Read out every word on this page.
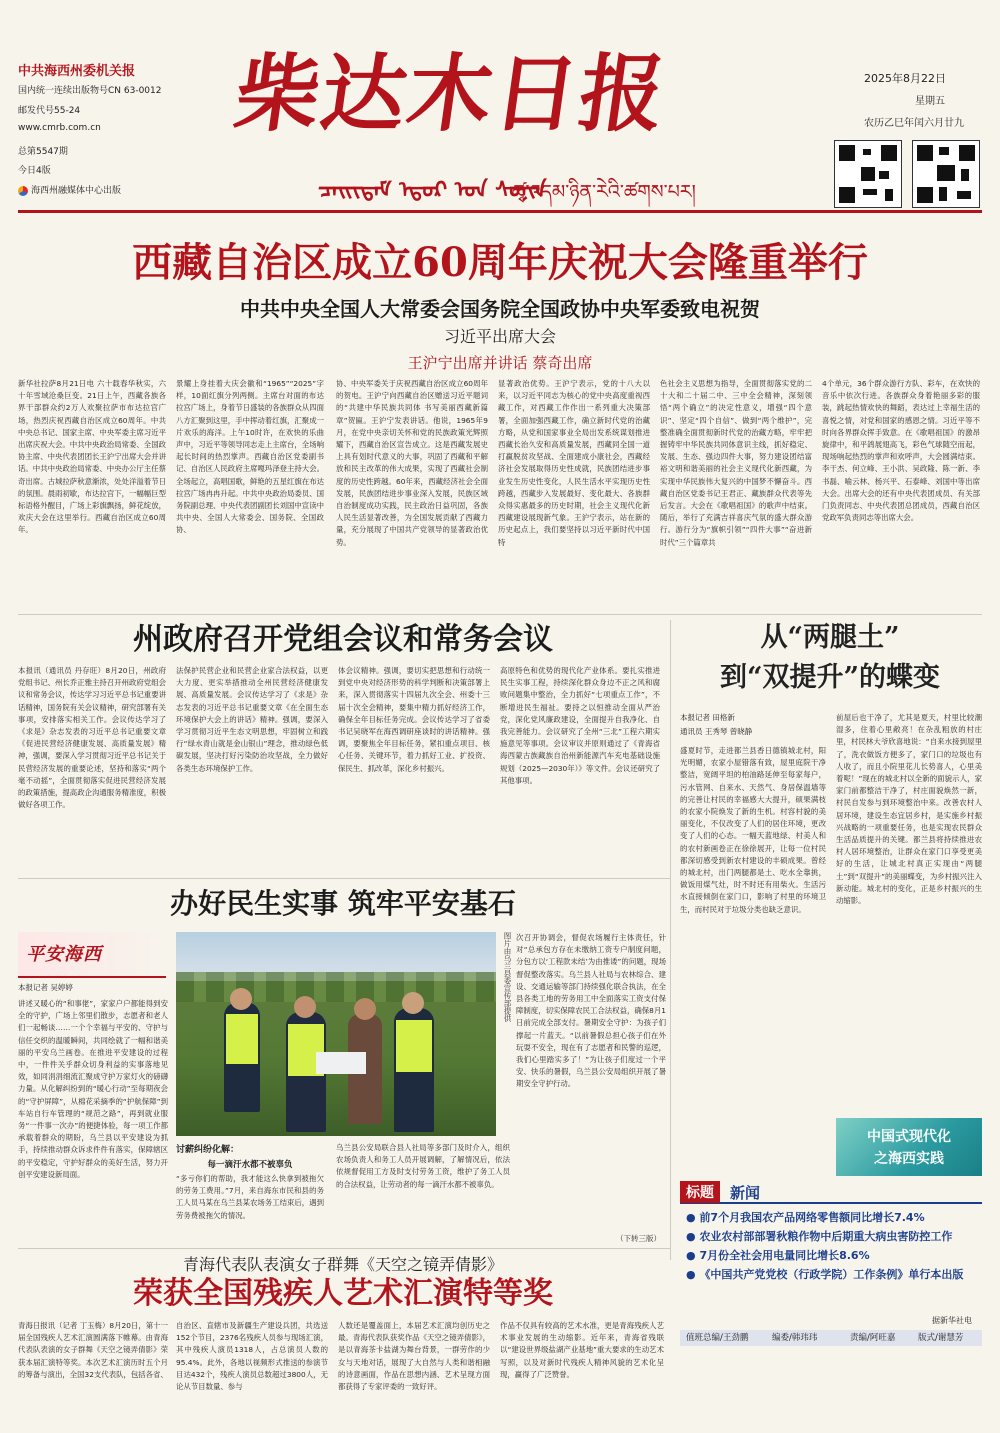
中共海西州委机关报
国内统一连续出版物号CN 63-0012
邮发代号55-24
www.cmrb.com.cn
总第5547期
今日4版
海西州融媒体中心出版
柴达木日报
ᠴᠠᠢᠢᠳᠠᠮ ᠡᠳᠦᠷ ᠤᠨ ᠰᠣᠨᠢᠨ
ཚྭ་འདམ་ཉིན་རེའི་ཚགས་པར།
2025年8月22日
星期五
农历乙巳年闰六月廿九
西藏自治区成立60周年庆祝大会隆重举行
中共中央全国人大常委会国务院全国政协中央军委致电祝贺
习近平出席大会
王沪宁出席并讲话 蔡奇出席
新华社拉萨8月21日电 六十载春华秋实，六十年雪域沧桑巨变。21日上午，西藏各族各界干部群众约2万人欢聚拉萨市布达拉宫广场，热烈庆祝西藏自治区成立60周年。中共中央总书记、国家主席、中央军委主席习近平出席庆祝大会。中共中央政治局常委、全国政协主席、中央代表团团长王沪宁出席大会并讲话。中共中央政治局常委、中央办公厅主任蔡奇出席。古城拉萨秋意渐浓，处处洋溢着节日的氛围。晨雨初歇，布达拉宫下，一幅幅巨型标语格外醒目，广场上彩旗飘扬，鲜花绽放，欢庆大会在这里举行。西藏自治区成立60周年。
景耀上身挂着大庆会徽和“1965”“2025”字样，10面红旗分列两侧。主席台对面的布达拉宫广场上，身着节日盛装的各族群众从四面八方汇聚到这里，手中挥动着红旗，汇聚成一片欢乐的海洋。上午10时许，在欢快的乐曲声中，习近平等领导同志走上主席台，全场响起长时间的热烈掌声。西藏自治区党委副书记、自治区人民政府主席嘎玛泽登主持大会。全场起立，高唱国歌，鲜艳的五星红旗在布达拉宫广场冉冉升起。中共中央政治局委员、国务院副总理、中央代表团副团长刘国中宣读中共中央、全国人大常委会、国务院、全国政协、
协、中央军委关于庆祝西藏自治区成立60周年的贺电。王沪宁向西藏自治区赠送习近平题词的“共建中华民族共同体 书写美丽西藏新篇章”贺匾。王沪宁发表讲话。他说，1965年9月，在党中央亲切关怀和党的民族政策光辉照耀下，西藏自治区宣告成立。这是西藏发展史上具有划时代意义的大事，巩固了西藏和平解放和民主改革的伟大成果，实现了西藏社会制度的历史性跨越。60年来，西藏经济社会全面发展，民族团结进步事业深入发展，民族区域自治制度成功实践，民主政治日益巩固，各族人民生活显著改善，为全国发展贡献了西藏力量，充分展现了中国共产党领导的显著政治优势。
显著政治优势。王沪宁表示，党的十八大以来，以习近平同志为核心的党中央高度重视西藏工作，对西藏工作作出一系列重大决策部署，全面加强西藏工作，确立新时代党的治藏方略，从党和国家事业全局出发系统谋划推进西藏长治久安和高质量发展，西藏同全国一道打赢脱贫攻坚战、全面建成小康社会，西藏经济社会发展取得历史性成就，民族团结进步事业发生历史性变化，人民生活水平实现历史性跨越，西藏步入发展最好、变化最大、各族群众得实惠最多的历史时期，社会主义现代化新西藏建设展现新气象。王沪宁表示，站在新的历史起点上，我们要坚持以习近平新时代中国特
色社会主义思想为指导，全面贯彻落实党的二十大和二十届二中、三中全会精神，深刻领悟“两个确立”的决定性意义，增强“四个意识”、坚定“四个自信”、做到“两个维护”，完整准确全面贯彻新时代党的治藏方略，牢牢把握铸牢中华民族共同体意识主线，抓好稳定、发展、生态、强边四件大事，努力建设团结富裕文明和谐美丽的社会主义现代化新西藏，为实现中华民族伟大复兴的中国梦不懈奋斗。西藏自治区党委书记王君正、藏族群众代表等先后发言。大会在《歌唱祖国》的歌声中结束。随后，举行了充满吉祥喜庆气氛的盛大群众游行。游行分为“旗帜引领”“四件大事”“奋进新时代”三个篇章共
4个单元，36个群众游行方队、彩车，在欢快的音乐中依次行进。各族群众身着艳丽多彩的服装，跳起热情欢快的舞蹈，表达过上幸福生活的喜悦之情，对党和国家的感恩之情。习近平等不时向各界群众挥手致意。在《歌唱祖国》的激昂旋律中，和平鸽展翅高飞，彩色气球随空而起，现场响起热烈的掌声和欢呼声，大会圆满结束。李干杰、何立峰、王小洪、吴政隆、陈一新、李书磊、喻云林、杨兴平、石泰峰、刘国中等出席大会。出席大会的还有中央代表团成员、有关部门负责同志、中央代表团总团成员，西藏自治区党政军负责同志等出席大会。
州政府召开党组会议和常务会议
本报讯（通讯员 丹存旺）8月20日，州政府党组书记、州长乔正雅主持召开州政府党组会议和常务会议，传达学习习近平总书记重要讲话精神，国务院有关会议精神，研究部署有关事项，安排落实相关工作。会议传达学习了《求是》杂志发表的习近平总书记重要文章《促进民营经济健康发展、高质量发展》精神，强调，要深入学习贯彻习近平总书记关于民营经济发展的重要论述，坚持和落实“两个毫不动摇”，全面贯彻落实促进民营经济发展的政策措施，提高政企沟通服务精准度，积极做好各项工作。
法保护民营企业和民营企业家合法权益，以更大力度、更实举措推动全州民营经济健康发展、高质量发展。会议传达学习了《求是》杂志发表的习近平总书记重要文章《在全面生态环境保护大会上的讲话》精神。强调，要深入学习贯彻习近平生态文明思想，牢固树立和践行“绿水青山就是金山银山”理念，推动绿色低碳发展，坚决打好污染防治攻坚战，全力做好各类生态环境保护工作。
体会议精神。强调，要切实把思想和行动统一到党中央对经济形势的科学判断和决策部署上来，深入贯彻落实十四届九次全会、州委十三届十次全会精神，要集中精力抓好经济工作，确保全年目标任务完成。会议传达学习了省委书记吴晓军在海西调研座谈时的讲话精神。强调，要聚焦全年目标任务，紧扣重点项目、核心任务、关键环节，着力抓好工业、扩投资、保民生、抓改革，深化乡村振兴。
高原特色和优势的现代化产业体系。要扎实推进民生实事工程，持续深化群众身边不正之风和腐败问题集中整治，全力抓好“七项重点工作”，不断增进民生福祉。要持之以恒推动全面从严治党，深化党风廉政建设，全面提升自我净化、自我完善能力。会议研究了全州“三北”工程六期实施意见等事项。会议审议并原则通过了《青海省海西蒙古族藏族自治州新能源汽车充电基础设施规划（2025—2030年）》等文件。会议还研究了其他事项。
从“两腿土”
到“双提升”的蝶变
本报记者 田格新
通讯员 王秀琴 曾晓静
盛夏时节，走进都兰县香日德镇城北村，阳光明媚，农家小屋错落有致，屋里庭院干净整洁，宽阔平坦的柏油路延伸至每家每户，污水管网、自来水、天然气、身居保温墙等的完善让村民的幸福感大大提升，硕果满枝的农家小院焕发了新的生机。村容村貌的美丽变化，不仅改变了人们的居住环境，更改变了人们的心态。一幅天蓝地绿、村美人和的农村新画卷正在徐徐展开，让每一位村民都深切感受到新农村建设的丰硕成果。曾经的城北村，出门两腿都是土、吃水全靠挑，做饭用煤气灶，时不时还有用柴火。生活污水直接倾倒在家门口，影响了村里的环境卫生，而村民对于垃圾分类也缺乏意识。
前屋后也干净了，尤其是夏天，村里比较潮湿多，住着心里敞亮！在杂乱粗放的村庄里，村民林大爷欣喜地说：“自来水接到屋里了，洗衣做饭方便多了，家门口的垃圾也有人收了，而且小院里花儿长势喜人，心里美着呢！”现在的城北村以全新的面貌示人，家家门前都整洁干净了，村庄面貌焕然一新，村民自发参与到环境整治中来。改善农村人居环境，建设生态宜居乡村，是实施乡村振兴战略的一项重要任务，也是实现农民群众生活品质提升的关键。都兰县将持续推进农村人居环境整治，让群众在家门口享受更美好的生活，让城北村真正实现由“两腿土”到“双提升”的美丽蝶变，为乡村振兴注入新动能。城北村的变化，正是乡村振兴的生动缩影。
中国式现代化
之海西实践
办好民生实事 筑牢平安基石
平安海西
本报记者 吴婷婷
讲述又暖心的“和事佬”，家家户户都能得到安全的守护，广场上邻里们散步，志愿者和老人们一起畅谈……一个个幸福与平安的、守护与信任交织的温暖瞬间，共同绘就了一幅和谐美丽的平安乌兰画卷。在推进平安建设的过程中，一件件关乎群众切身利益的实事落地见效，如同涓涓细流汇聚成守护万家灯火的磅礴力量。从化解纠纷到的“暖心行动”至每期夜会的“守护屏障”，从棉花采摘季的“护航保障”到车站自行车管理的“规范之路”，再到就业服务“一件事一次办”的便捷体验，每一项工作都承载着群众的期盼，乌兰县以平安建设为抓手，持续推动群众诉求件件有落实，保障辖区的平安稳定，守护好群众的美好生活，努力开创平安建设新局面。
图片由乌兰县委宣传部提供
讨薪纠纷化解：
每一滴汗水都不被辜负
“多亏你们的帮助，我才能这么快拿到被拖欠的劳务工费用。”7月，来自海东市民和县的务工人员马某在乌兰县某农场务工结束后，遇到劳务费被拖欠的情况。
乌兰县公安局联合县人社局等多部门及时介入，组织农场负责人和务工人员开展调解，了解情况后，依法依规督促用工方及时支付劳务工资，维护了务工人员的合法权益，让劳动者的每一滴汗水都不被辜负。
次召开协调会，督促农场履行主体责任，针对“总承包方存在未缴纳工资专户制度问题，分包方以‘工程款未结’为由推诿”的问题，现场督促整改落实。乌兰县人社局与农林综合、建设、交通运输等部门持续强化联合执法，在全县各类工地的劳务用工中全面落实工资支付保障制度，切实保障农民工合法权益，确保8月1日前完成全部支付。暑期安全守护：为孩子们撑起一片蓝天。“以前暑假总担心孩子们在外玩耍不安全，现在有了志愿者和民警的巡逻，我们心里踏实多了！”为让孩子们度过一个平安、快乐的暑假，乌兰县公安局组织开展了暑期安全守护行动。
（下转三版）
青海代表队表演女子群舞《天空之镜弄倩影》
荣获全国残疾人艺术汇演特等奖
青海日报讯（记者 丁玉梅）8月20日，第十一届全国残疾人艺术汇演圆满落下帷幕。由青海代表队表演的女子群舞《天空之镜弄倩影》荣获本届汇演特等奖。本次艺术汇演历时五个月的筹备与演出，全国32支代表队，包括各省、
自治区、直辖市及新疆生产建设兵团，共选送152个节目，2376名残疾人员参与现场汇演，其中残疾人演员1318人，占总演员人数的95.4%。此外，各地以视频形式推送的参演节目达432个，残疾人演员总数超过3800人，无论从节目数量、参与
人数还是覆盖面上，本届艺术汇演均创历史之最。青海代表队获奖作品《天空之镜弄倩影》，是以青海茶卡盐湖为舞台背景，一群劳作的少女与天地对话，展现了大自然与人类和谐相融的诗意画面，作品在思想内涵、艺术呈现方面都获得了专家评委的一致好评。
作品不仅具有较高的艺术水准，更是青海残疾人艺术事业发展的生动缩影。近年来，青海省残联以“建设世界级盐湖产业基地”重大要求的生动艺术写照，以及对新时代残疾人精神风貌的艺术化呈现，赢得了广泛赞誉。
标题	新闻
● 前7个月我国农产品网络零售额同比增长7.4%
● 农业农村部部署秋粮作物中后期重大病虫害防控工作
● 7月份全社会用电量同比增长8.6%
● 《中国共产党党校（行政学院）工作条例》单行本出版
据新华社电
值班总编/王劲鹏	编委/韩玮玮	责编/阿旺嘉	版式/谢慧芳
